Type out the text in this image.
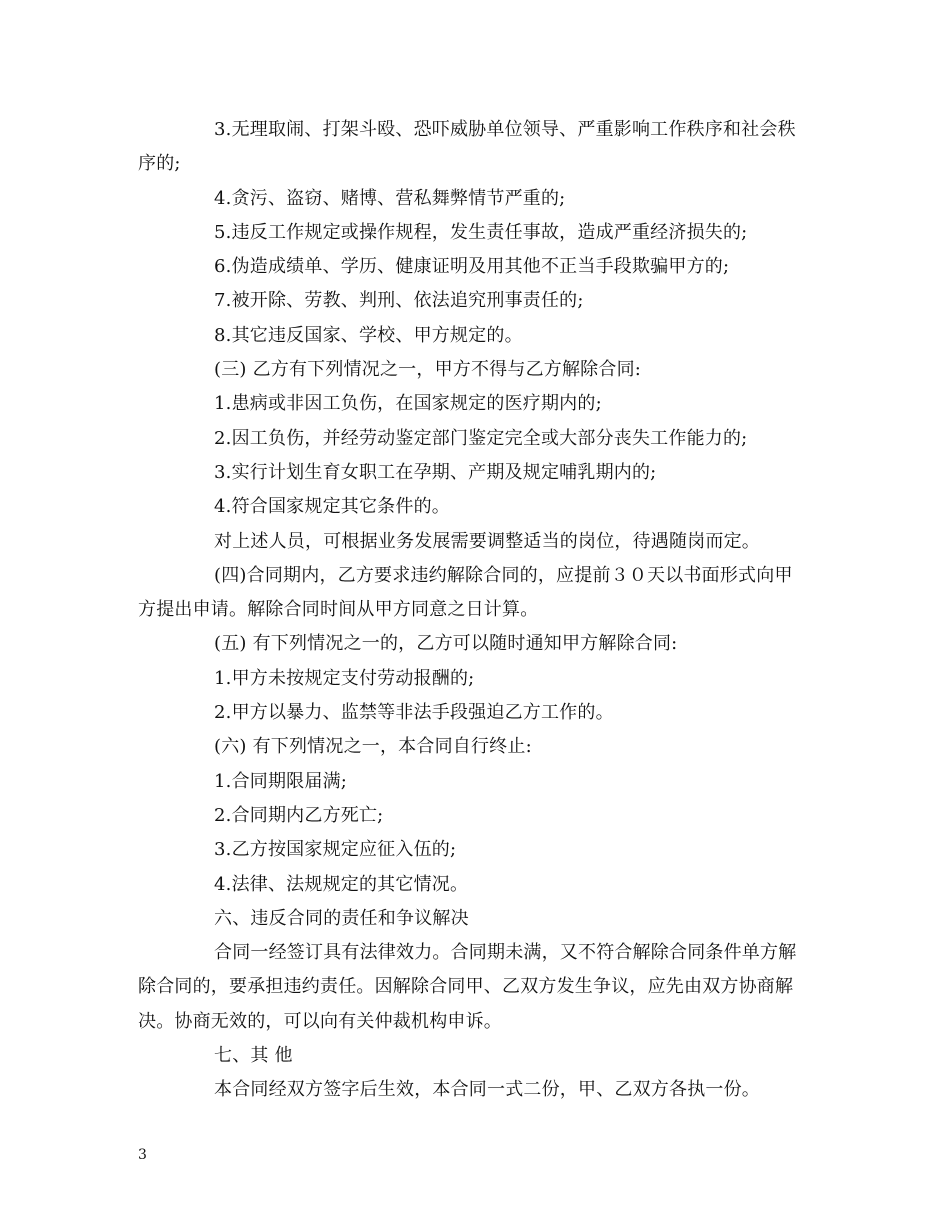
3.无理取闹、打架斗殴、恐吓威胁单位领导、严重影响工作秩序和社会秩
序的;
4.贪污、盗窃、赌博、营私舞弊情节严重的;
5.违反工作规定或操作规程，发生责任事故，造成严重经济损失的;
6.伪造成绩单、学历、健康证明及用其他不正当手段欺骗甲方的;
7.被开除、劳教、判刑、依法追究刑事责任的;
8.其它违反国家、学校、甲方规定的。
(三) 乙方有下列情况之一，甲方不得与乙方解除合同:
1.患病或非因工负伤，在国家规定的医疗期内的;
2.因工负伤，并经劳动鉴定部门鉴定完全或大部分丧失工作能力的;
3.实行计划生育女职工在孕期、产期及规定哺乳期内的;
4.符合国家规定其它条件的。
对上述人员，可根据业务发展需要调整适当的岗位，待遇随岗而定。
(四)合同期内，乙方要求违约解除合同的，应提前３０天以书面形式向甲
方提出申请。解除合同时间从甲方同意之日计算。
(五) 有下列情况之一的，乙方可以随时通知甲方解除合同:
1.甲方未按规定支付劳动报酬的;
2.甲方以暴力、监禁等非法手段强迫乙方工作的。
(六) 有下列情况之一，本合同自行终止:
1.合同期限届满;
2.合同期内乙方死亡;
3.乙方按国家规定应征入伍的;
4.法律、法规规定的其它情况。
六、违反合同的责任和争议解决
合同一经签订具有法律效力。合同期未满，又不符合解除合同条件单方解
除合同的，要承担违约责任。因解除合同甲、乙双方发生争议，应先由双方协商解
决。协商无效的，可以向有关仲裁机构申诉。
七、其 他
本合同经双方签字后生效，本合同一式二份，甲、乙双方各执一份。
3
